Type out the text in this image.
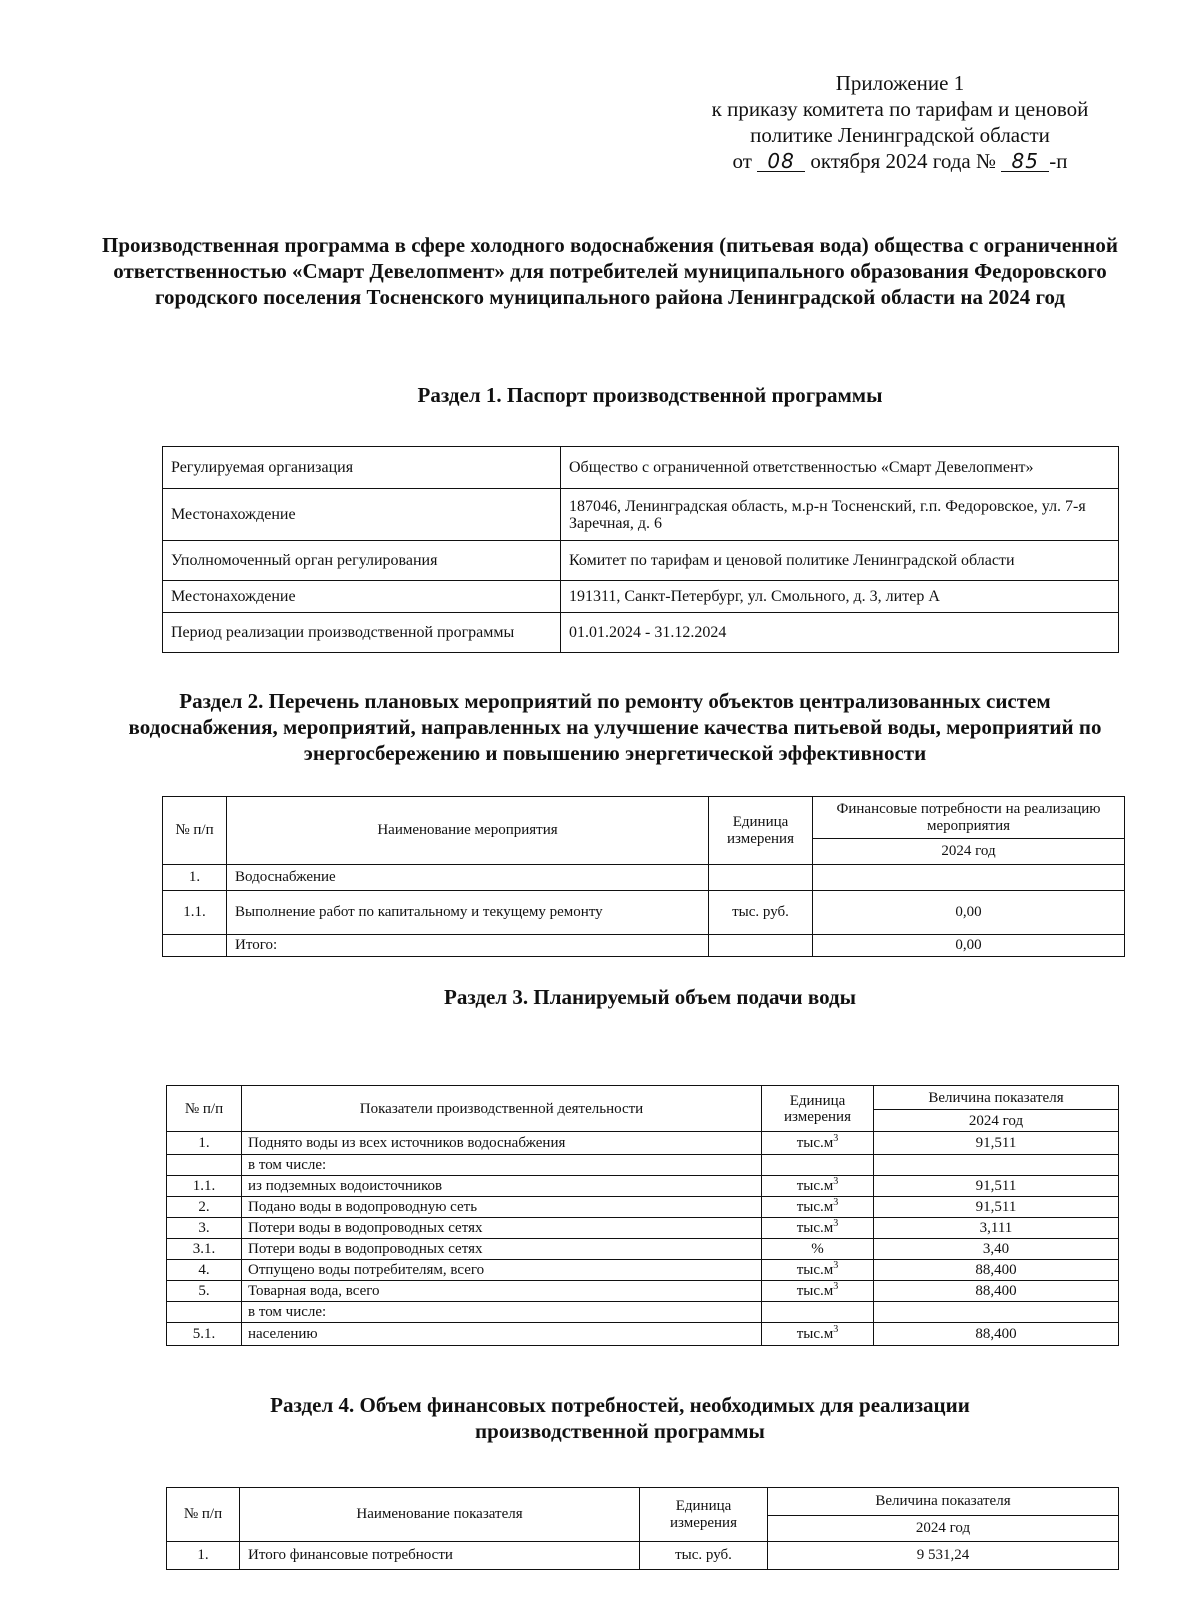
Приложение 1
к приказу комитета по тарифам и ценовой
политике Ленинградской области
от 08 октября 2024 года № 85 -п
Производственная программа в сфере холодного водоснабжения (питьевая вода) общества с ограниченной ответственностью «Смарт Девелопмент» для потребителей муниципального образования Федоровского городского поселения Тосненского муниципального района Ленинградской области на 2024 год
Раздел 1. Паспорт производственной программы
Регулируемая организация	Общество с ограниченной ответственностью «Смарт Девелопмент»
Местонахождение	187046, Ленинградская область, м.р-н Тосненский, г.п. Федоровское, ул. 7-я Заречная, д. 6
Уполномоченный орган регулирования	Комитет по тарифам и ценовой политике Ленинградской области
Местонахождение	191311, Санкт-Петербург, ул. Смольного, д. 3, литер А
Период реализации производственной программы	01.01.2024 - 31.12.2024
Раздел 2. Перечень плановых мероприятий по ремонту объектов централизованных систем водоснабжения, мероприятий, направленных на улучшение качества питьевой воды, мероприятий по энергосбережению и повышению энергетической эффективности
№ п/п	Наименование мероприятия	Единица измерения	Финансовые потребности на реализацию мероприятия
			2024 год
1.	Водоснабжение		
1.1.	Выполнение работ по капитальному и текущему ремонту	тыс. руб.	0,00
	Итого:		0,00
Раздел 3. Планируемый объем подачи воды
№ п/п	Показатели производственной деятельности	Единица измерения	Величина показателя
			2024 год
1.	Поднято воды из всех источников водоснабжения	$тыс.м^3$	91,511
	в том числе:		
1.1.	из подземных водоисточников	$тыс.м^3$	91,511
2.	Подано воды в водопроводную сеть	$тыс.м^3$	91,511
3.	Потери воды в водопроводных сетях	$тыс.м^3$	3,111
3.1.	Потери воды в водопроводных сетях	%	3,40
4.	Отпущено воды потребителям, всего	$тыс.м^3$	88,400
5.	Товарная вода, всего	$тыс.м^3$	88,400
	в том числе:		
5.1.	населению	$тыс.м^3$	88,400
Раздел 4. Объем финансовых потребностей, необходимых для реализации производственной программы
№ п/п	Наименование показателя	Единица измерения	Величина показателя
			2024 год
1.	Итого финансовые потребности	тыс. руб.	9 531,24
